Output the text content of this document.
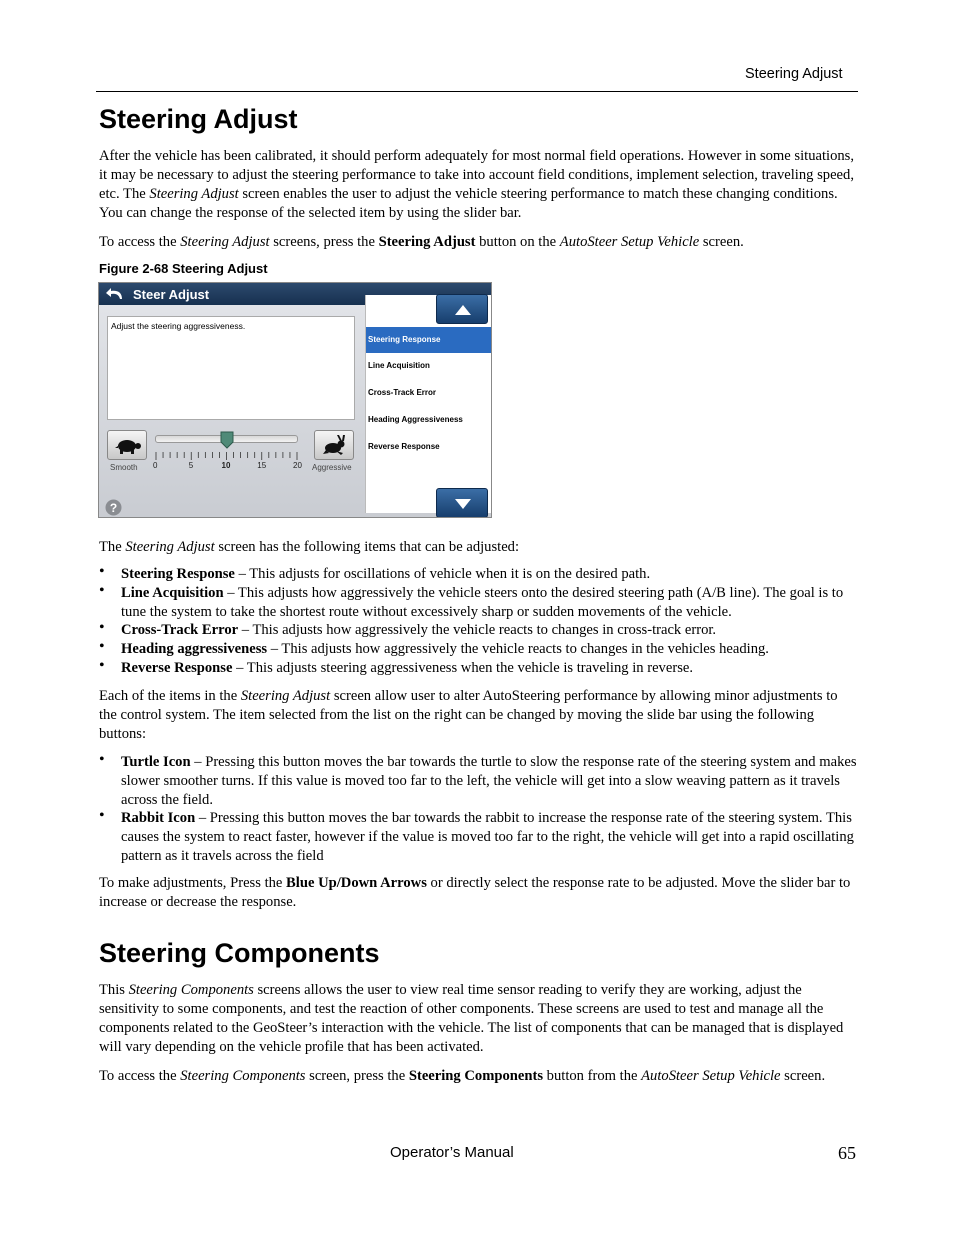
Steering Adjust
Steering Adjust

After the vehicle has been calibrated, it should perform adequately for most normal field operations. However in some situations, it may be necessary to adjust the steering performance to take into account field conditions, implement selection, traveling speed, etc. The Steering Adjust screen enables the user to adjust the vehicle steering performance to match these changing conditions. You can change the response of the selected item by using the slider bar.

To access the Steering Adjust screens, press the Steering Adjust button on the AutoSteer Setup Vehicle screen.

Figure 2-68 Steering Adjust
Steer Adjust
Adjust the steering aggressiveness.
Steering Response
Line Acquisition
Cross-Track Error
Heading Aggressiveness
Reverse Response
Smooth 0	5	10	15	20 Aggressive
?

The Steering Adjust screen has the following items that can be adjusted:

• Steering Response – This adjusts for oscillations of vehicle when it is on the desired path.
• Line Acquisition – This adjusts how aggressively the vehicle steers onto the desired steering path (A/B line). The goal is to tune the system to take the shortest route without excessively sharp or sudden movements of the vehicle.
• Cross-Track Error – This adjusts how aggressively the vehicle reacts to changes in cross-track error.
• Heading aggressiveness – This adjusts how aggressively the vehicle reacts to changes in the vehicles heading.
• Reverse Response – This adjusts steering aggressiveness when the vehicle is traveling in reverse.

Each of the items in the Steering Adjust screen allow user to alter AutoSteering performance by allowing minor adjustments to the control system. The item selected from the list on the right can be changed by moving the slide bar using the following buttons:

• Turtle Icon – Pressing this button moves the bar towards the turtle to slow the response rate of the steering system and makes slower smoother turns. If this value is moved too far to the left, the vehicle will get into a slow weaving pattern as it travels across the field.
• Rabbit Icon – Pressing this button moves the bar towards the rabbit to increase the response rate of the steering system. This causes the system to react faster, however if the value is moved too far to the right, the vehicle will get into a rapid oscillating pattern as it travels across the field

To make adjustments, Press the Blue Up/Down Arrows or directly select the response rate to be adjusted. Move the slider bar to increase or decrease the response.

Steering Components

This Steering Components screens allows the user to view real time sensor reading to verify they are working, adjust the sensitivity to some components, and test the reaction of other components. These screens are used to test and manage all the components related to the GeoSteer’s interaction with the vehicle. The list of components that can be managed that is displayed will vary depending on the vehicle profile that has been activated.

To access the Steering Components screen, press the Steering Components button from the AutoSteer Setup Vehicle screen.

Operator’s Manual	65
